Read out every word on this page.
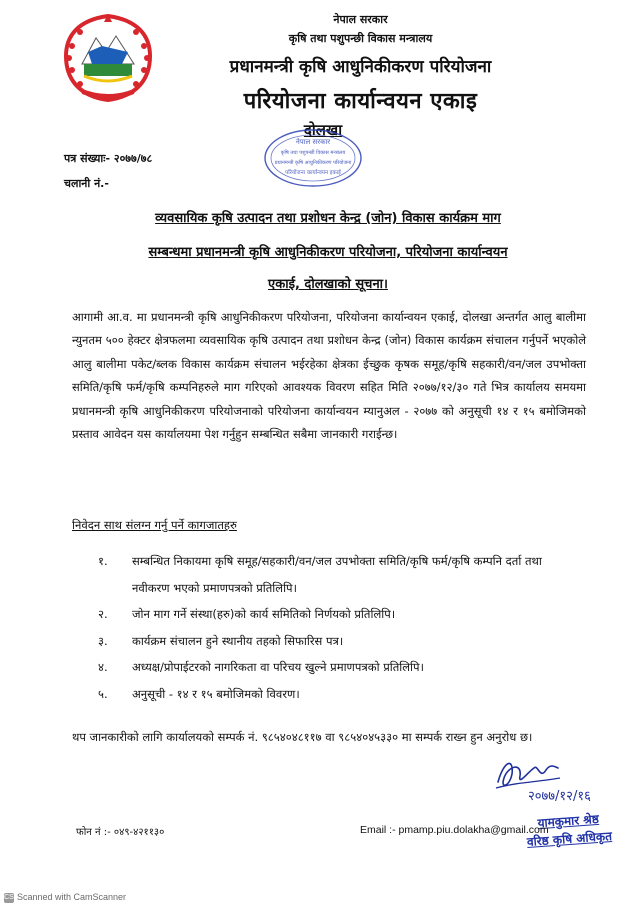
नेपाल सरकार
कृषि तथा पशुपन्छी विकास मन्त्रालय
प्रधानमन्त्री कृषि आधुनिकीकरण परियोजना
परियोजना कार्यान्वयन एकाइ
दोलखा
नेपाल सरकार
कृषि तथा पशुपन्छी विकास मन्त्रालय
प्रधानमन्त्री कृषि आधुनिकीकरण परियोजना
परियोजना कार्यान्वयन इकाई
पत्र संख्याः- २०७७/७८
चलानी नं.-
व्यवसायिक कृषि उत्पादन तथा प्रशोधन केन्द्र (जोन) विकास कार्यक्रम माग
सम्बन्धमा प्रधानमन्त्री कृषि आधुनिकीकरण परियोजना, परियोजना कार्यान्वयन
एकाई, दोलखाको सूचना।
आगामी आ.व. मा प्रधानमन्त्री कृषि आधुनिकीकरण परियोजना, परियोजना कार्यान्वयन एकाई, दोलखा अन्तर्गत आलु बालीमा न्युनतम ५०० हेक्टर क्षेत्रफलमा व्यवसायिक कृषि उत्पादन तथा प्रशोधन केन्द्र (जोन) विकास कार्यक्रम संचालन गर्नुपर्ने भएकोले आलु बालीमा पकेट/ब्लक विकास कार्यक्रम संचालन भईरहेका क्षेत्रका ईच्छुक कृषक समूह/कृषि सहकारी/वन/जल उपभोक्ता समिति/कृषि फर्म/कृषि कम्पनिहरुले माग गरिएको आवश्यक विवरण सहित मिति २०७७/१२/३० गते भित्र कार्यालय समयमा प्रधानमन्त्री कृषि आधुनिकीकरण परियोजनाको परियोजना कार्यान्वयन म्यानुअल - २०७७ को अनुसूची १४ र १५ बमोजिमको प्रस्ताव आवेदन यस कार्यालयमा पेश गर्नुहुन सम्बन्धित सबैमा जानकारी गराईन्छ।
निवेदन साथ संलग्न गर्नु पर्ने कागजातहरु
१. सम्बन्धित निकायमा कृषि समूह/सहकारी/वन/जल उपभोक्ता समिति/कृषि फर्म/कृषि कम्पनि दर्ता तथा नवीकरण भएको प्रमाणपत्रको प्रतिलिपि।
२. जोन माग गर्ने संस्था(हरु)को कार्य समितिको निर्णयको प्रतिलिपि।
३. कार्यक्रम संचालन हुने स्थानीय तहको सिफारिस पत्र।
४. अध्यक्ष/प्रोपाईटरको नागरिकता वा परिचय खुल्ने प्रमाणपत्रको प्रतिलिपि।
५. अनुसूची - १४ र १५ बमोजिमको विवरण।
थप जानकारीको लागि कार्यालयको सम्पर्क नं. ९८५४०४८११७ वा ९८५४०४५३३० मा सम्पर्क राख्न हुन अनुरोध छ।
२०७७/१२/१६
यामकुमार श्रेष्ठ
वरिष्ठ कृषि अधिकृत
फोन नं :- ०४९-४२११३०	Email :- pmamp.piu.dolakha@gmail.com
CS Scanned with CamScanner
